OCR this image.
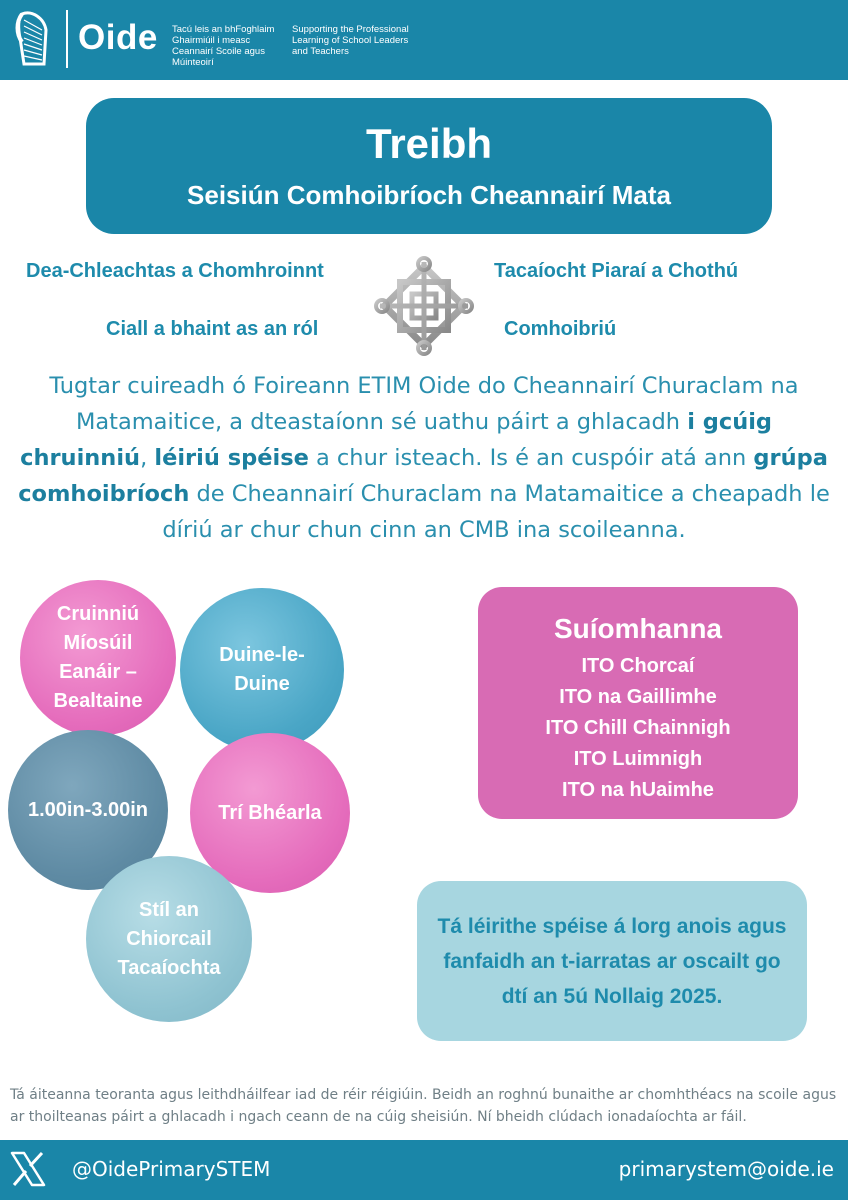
Oide Tacú leis an bhFoghlaim Ghairmiúil i measc Ceannairí Scoile agus Múinteoirí
Supporting the Professional Learning of School Leaders and Teachers
Treibh
Seisiún Comhoibríoch Cheannairí Mata
Dea-Chleachtas a Chomhroinnt	Tacaíocht Piaraí a Chothú
Ciall a bhaint as an ról	Comhoibriú

Tugtar cuireadh ó Foireann ETIM Oide do Cheannairí Churaclam na Matamaitice, a dteastaíonn sé uathu páirt a ghlacadh i gcúig chruinniú, léiriú spéise a chur isteach. Is é an cuspóir atá ann grúpa comhoibríoch de Cheannairí Churaclam na Matamaitice a cheapadh le díriú ar chur chun cinn an CMB ina scoileanna.

Cruinniú Míosúil Eanáir – Bealtaine
Duine-le-Duine
1.00in-3.00in	Trí Bhéarla
Stíl an Chiorcail Tacaíochta
Suíomhanna
ITO Chorcaí
ITO na Gaillimhe
ITO Chill Chainnigh
ITO Luimnigh
ITO na hUaimhe
Tá léirithe spéise á lorg anois agus fanfaidh an t-iarratas ar oscailt go dtí an 5ú Nollaig 2025.

Tá áiteanna teoranta agus leithdháilfear iad de réir réigiúin. Beidh an roghnú bunaithe ar chomhthéacs na scoile agus ar thoilteanas páirt a ghlacadh i ngach ceann de na cúig sheisiún. Ní bheidh clúdach ionadaíochta ar fáil.

@OidePrimarySTEM	primarystem@oide.ie
